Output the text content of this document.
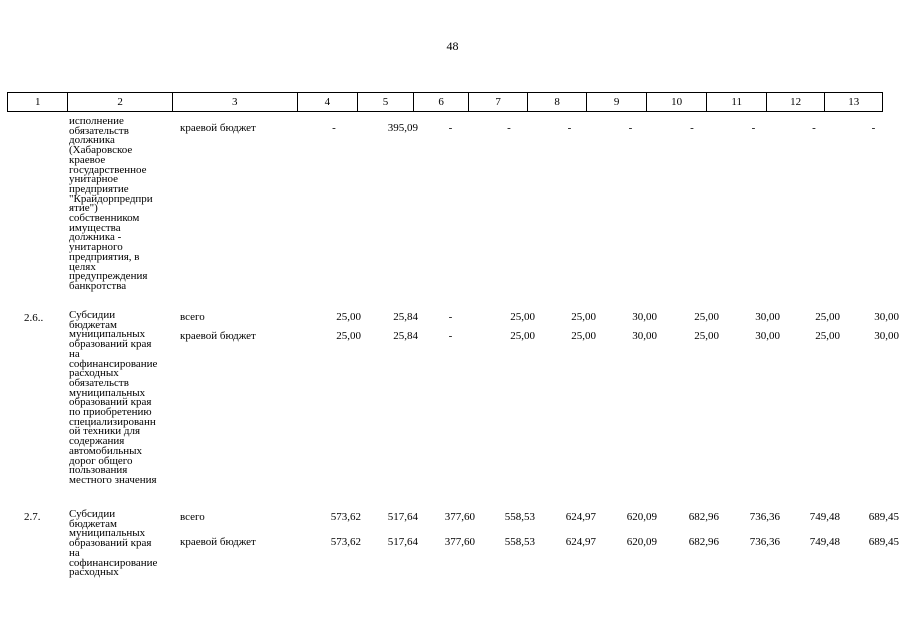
48
1	2	3	4	5	6	7	8	9	10	11	12	13
исполнение
обязательств
должника
(Хабаровское
краевое
государственное
унитарное
предприятие
"Крайдорпредпри
ятие")
собственником
имущества
должника -
унитарного
предприятия, в
целях
предупреждения
банкротства
краевой бюджет	-	395,09	-	-	-	-	-	-	-	-
2.6..	Субсидии
бюджетам
муниципальных
образований края
на
софинансирование
расходных
обязательств
муниципальных
образований края
по приобретению
специализированн
ой техники для
содержания
автомобильных
дорог общего
пользования
местного значения
всего	25,00	25,84	-	25,00	25,00	30,00	25,00	30,00	25,00	30,00
краевой бюджет	25,00	25,84	-	25,00	25,00	30,00	25,00	30,00	25,00	30,00
2.7.	Субсидии
бюджетам
муниципальных
образований края
на
софинансирование
расходных
всего	573,62	517,64	377,60	558,53	624,97	620,09	682,96	736,36	749,48	689,45
краевой бюджет	573,62	517,64	377,60	558,53	624,97	620,09	682,96	736,36	749,48	689,45
